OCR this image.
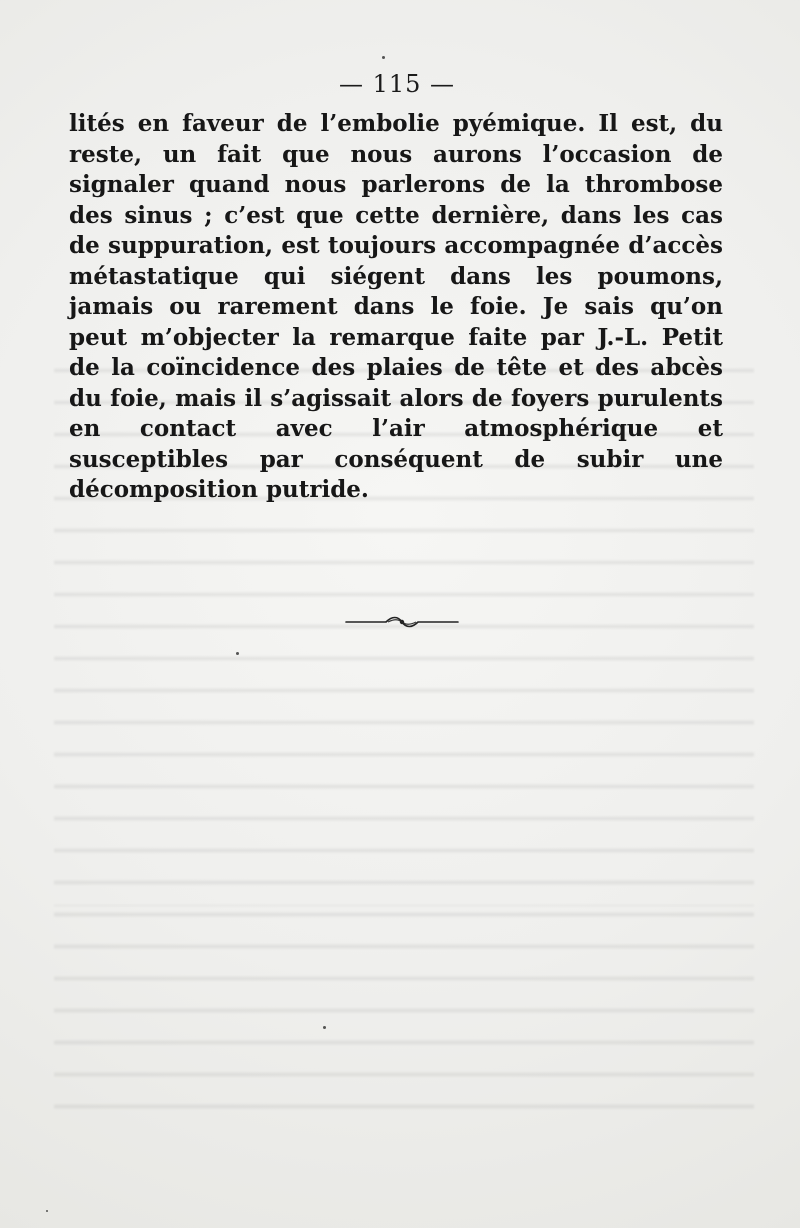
— 115 —
lités en faveur de l’embolie pyémique. Il est, du reste, un fait que nous aurons l’occasion de signaler quand nous parlerons de la thrombose des sinus ; c’est que cette dernière, dans les cas de suppuration, est toujours accompagnée d’accès métastatique qui siégent dans les poumons, jamais ou rarement dans le foie. Je sais qu’on peut m’objecter la remarque faite par J.-L. Petit de la coïncidence des plaies de tête et des abcès du foie, mais il s’agissait alors de foyers purulents en contact avec l’air atmosphérique et susceptibles par conséquent de subir une décomposition putride.
